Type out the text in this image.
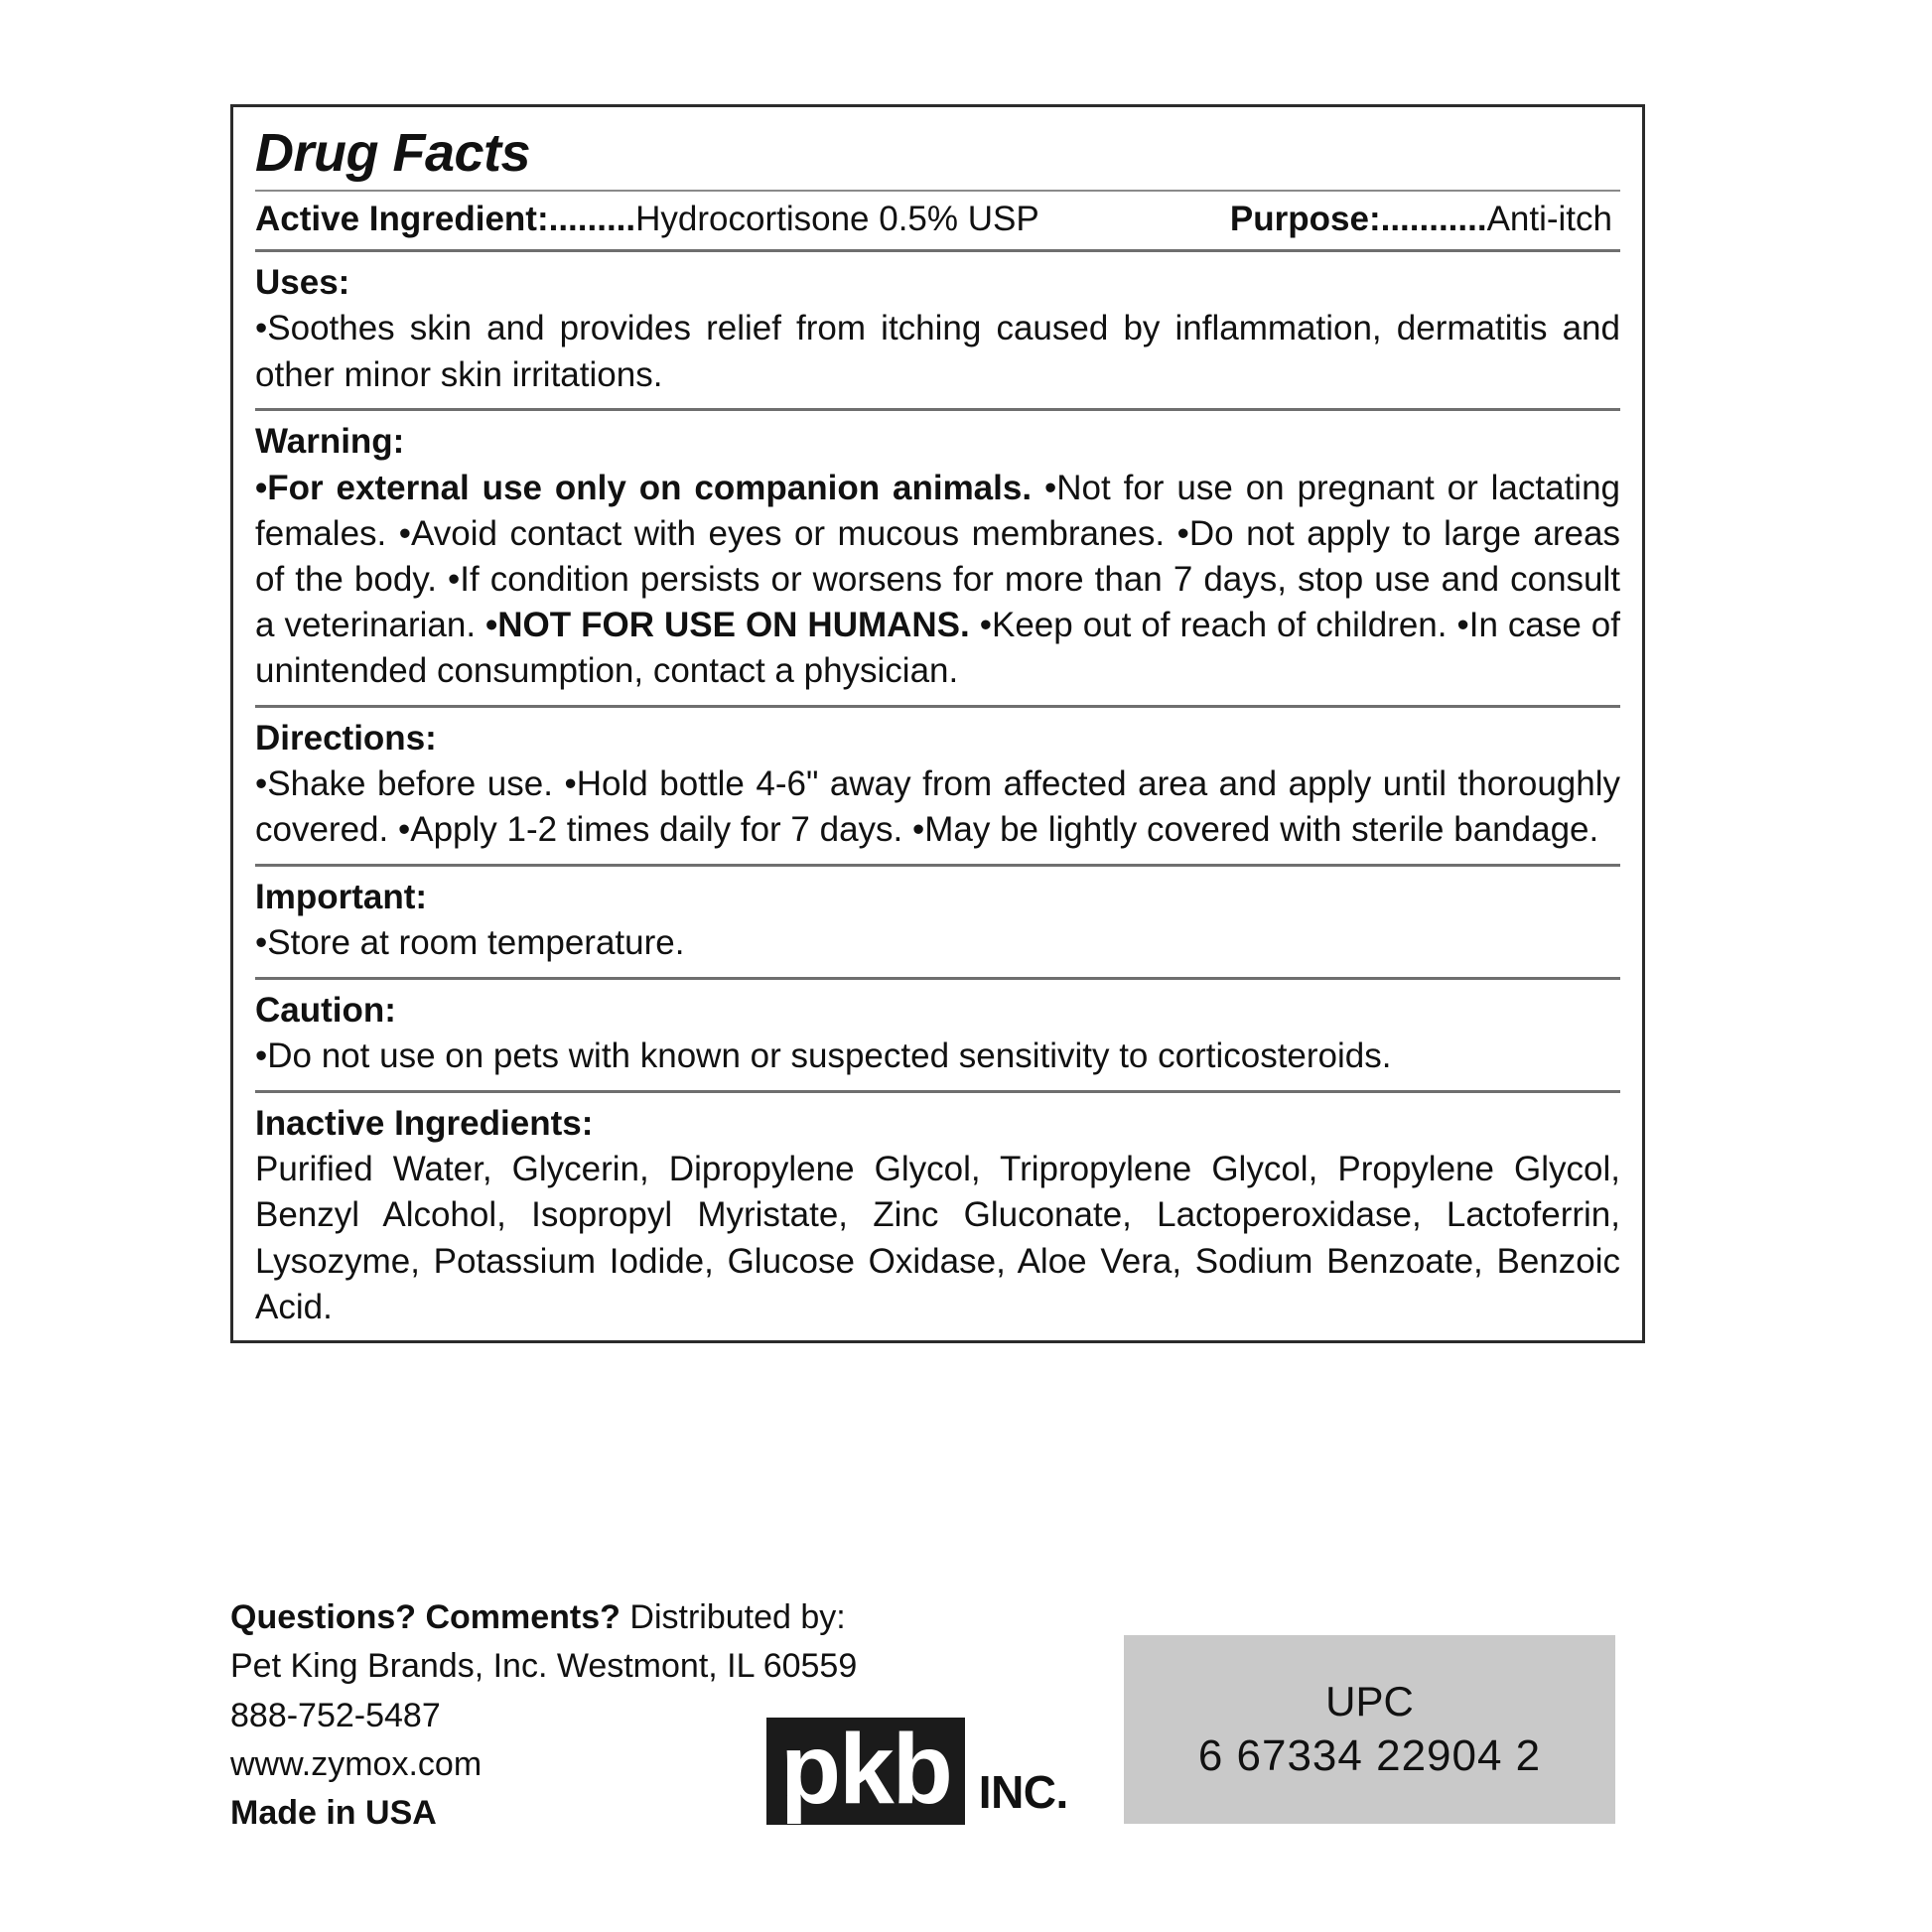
Drug Facts
Active Ingredient:.........Hydrocortisone 0.5% USP	Purpose:...........Anti-itch
Uses:
•Soothes skin and provides relief from itching caused by inflammation, dermatitis and other minor skin irritations.
Warning:
•For external use only on companion animals. •Not for use on pregnant or lactating females. •Avoid contact with eyes or mucous membranes. •Do not apply to large areas of the body. •If condition persists or worsens for more than 7 days, stop use and consult a veterinarian. •NOT FOR USE ON HUMANS. •Keep out of reach of children. •In case of unintended consumption, contact a physician.
Directions:
•Shake before use. •Hold bottle 4-6" away from affected area and apply until thoroughly covered. •Apply 1-2 times daily for 7 days. •May be lightly covered with sterile bandage.
Important:
•Store at room temperature.
Caution:
•Do not use on pets with known or suspected sensitivity to corticosteroids.
Inactive Ingredients:
Purified Water, Glycerin, Dipropylene Glycol, Tripropylene Glycol, Propylene Glycol, Benzyl Alcohol, Isopropyl Myristate, Zinc Gluconate, Lactoperoxidase, Lactoferrin, Lysozyme, Potassium Iodide, Glucose Oxidase, Aloe Vera, Sodium Benzoate, Benzoic Acid.
Questions? Comments? Distributed by:
Pet King Brands, Inc. Westmont, IL 60559
888-752-5487
www.zymox.com
Made in USA	pkb INC.
UPC
6 67334 22904 2
